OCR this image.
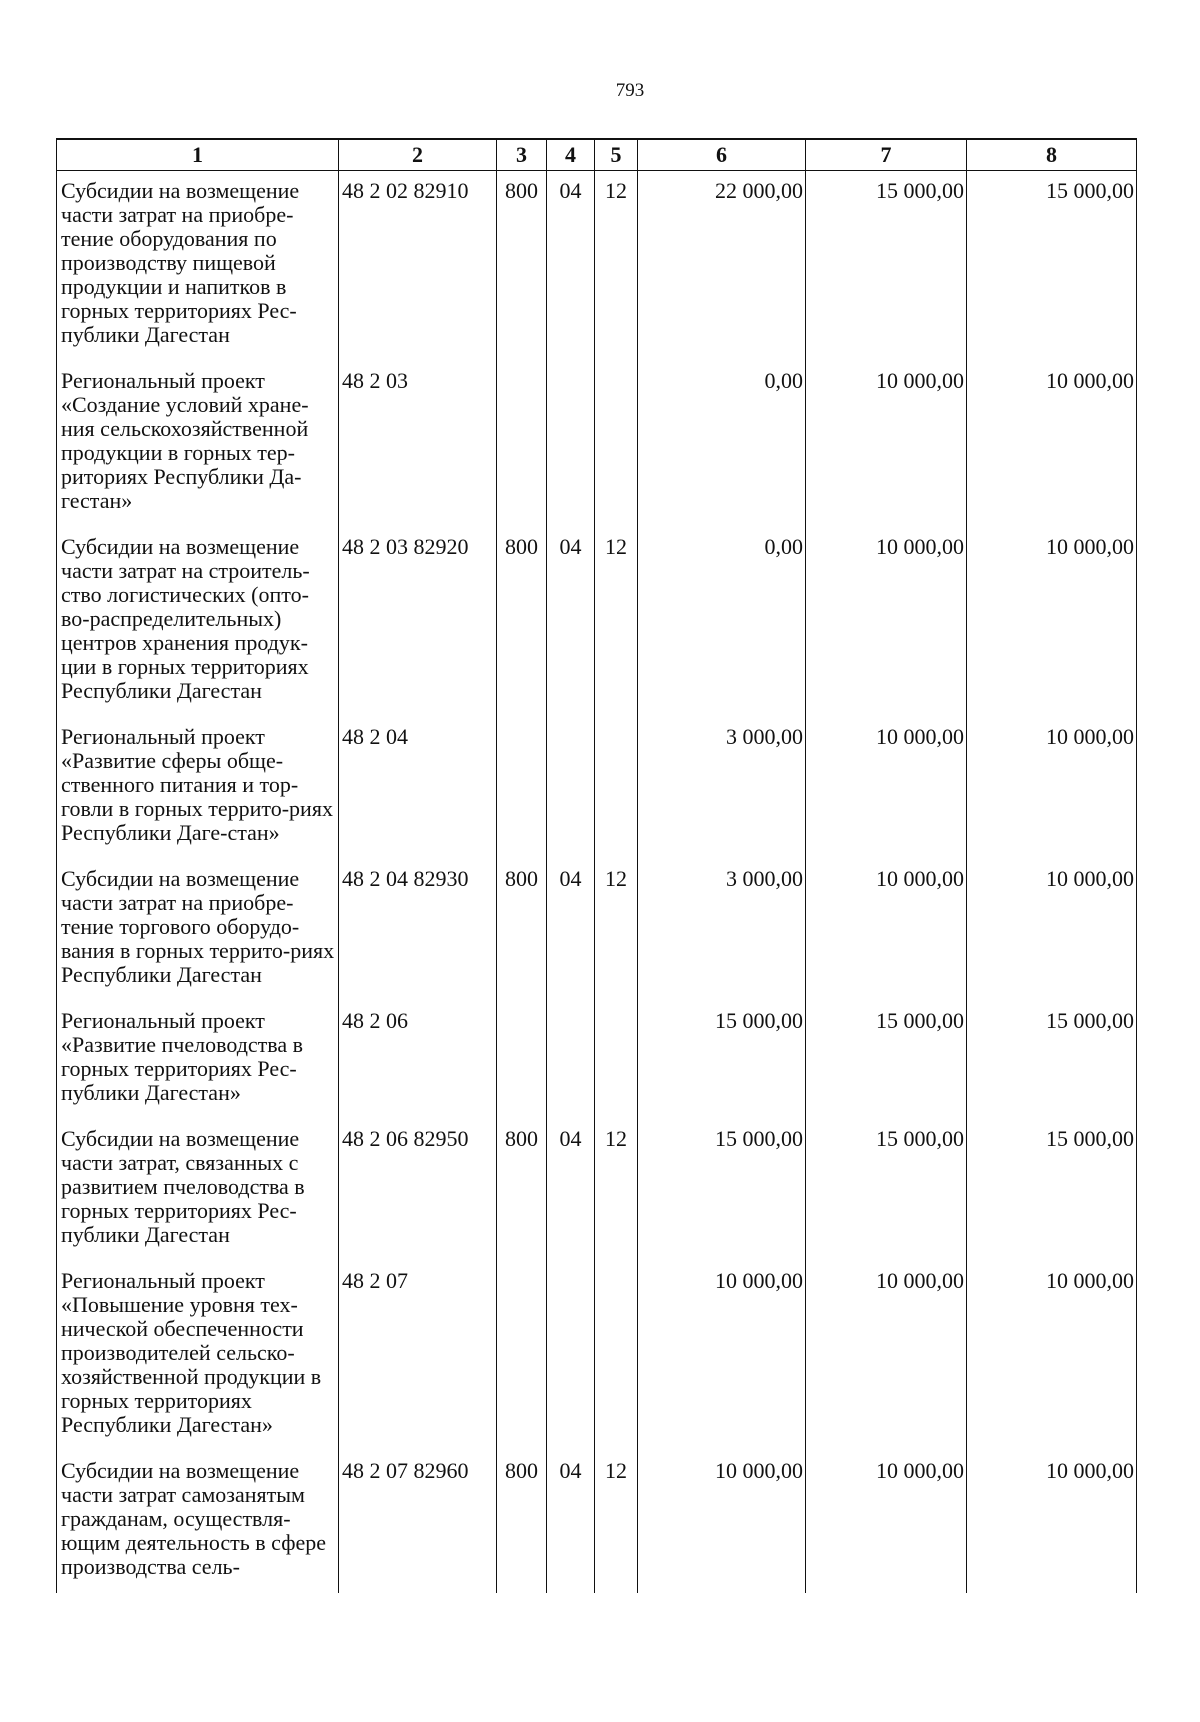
793
1	2	3	4	5	6	7	8
Субсидии на возмещение части затрат на приобре-тение оборудования по производству пищевой продукции и напитков в горных территориях Рес-публики Дагестан	48 2 02 82910	800	04	12	22 000,00	15 000,00	15 000,00
Региональный проект «Создание условий хране-ния сельскохозяйственной продукции в горных тер-риториях Республики Да-гестан»	48 2 03				0,00	10 000,00	10 000,00
Субсидии на возмещение части затрат на строитель-ство логистических (опто-во-распределительных) центров хранения продук-ции в горных территориях Республики Дагестан	48 2 03 82920	800	04	12	0,00	10 000,00	10 000,00
Региональный проект «Развитие сферы обще-ственного питания и тор-говли в горных террито-риях Республики Даге-стан»	48 2 04				3 000,00	10 000,00	10 000,00
Субсидии на возмещение части затрат на приобре-тение торгового оборудо-вания в горных террито-риях Республики Дагестан	48 2 04 82930	800	04	12	3 000,00	10 000,00	10 000,00
Региональный проект «Развитие пчеловодства в горных территориях Рес-публики Дагестан»	48 2 06				15 000,00	15 000,00	15 000,00
Субсидии на возмещение части затрат, связанных с развитием пчеловодства в горных территориях Рес-публики Дагестан	48 2 06 82950	800	04	12	15 000,00	15 000,00	15 000,00
Региональный проект «Повышение уровня тех-нической обеспеченности производителей сельско-хозяйственной продукции в горных территориях Республики Дагестан»	48 2 07				10 000,00	10 000,00	10 000,00
Субсидии на возмещение части затрат самозанятым гражданам, осуществля-ющим деятельность в сфере производства сель-	48 2 07 82960	800	04	12	10 000,00	10 000,00	10 000,00
